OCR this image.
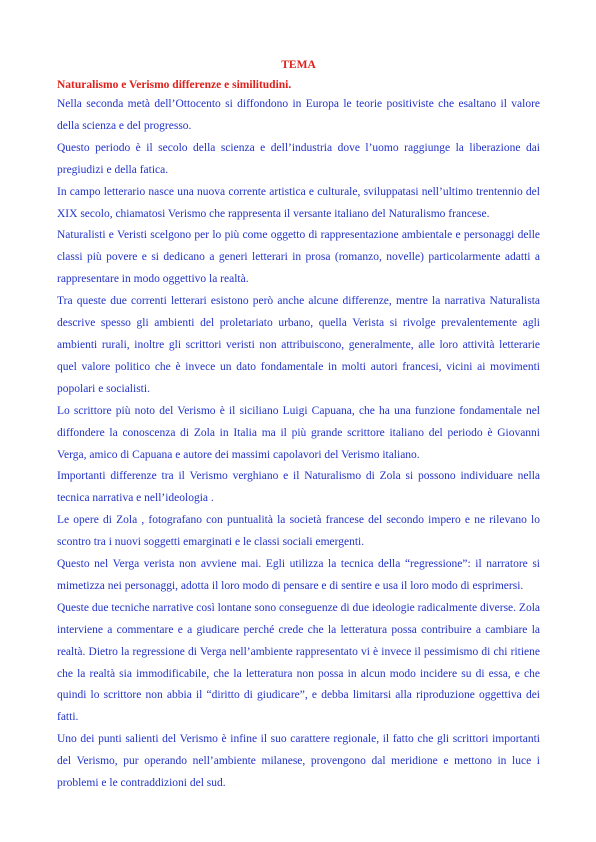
TEMA
Naturalismo e Verismo differenze e similitudini.

Nella seconda metà dell’Ottocento si diffondono in Europa le teorie positiviste che esaltano il valore della scienza e del progresso.

Questo periodo è il secolo della scienza e dell’industria dove l’uomo raggiunge la liberazione dai pregiudizi e della fatica.

In campo letterario nasce una nuova corrente artistica e culturale, sviluppatasi nell’ultimo trentennio del XIX secolo, chiamatosi Verismo che rappresenta il versante italiano del Naturalismo francese.

Naturalisti e Veristi scelgono per lo più come oggetto di rappresentazione ambientale e personaggi delle classi più povere e si dedicano a generi letterari in prosa (romanzo, novelle) particolarmente adatti a rappresentare in modo oggettivo la realtà.

Tra queste due correnti letterari esistono però anche alcune differenze, mentre la narrativa Naturalista descrive spesso gli ambienti del proletariato urbano, quella Verista si rivolge prevalentemente agli ambienti rurali, inoltre gli scrittori veristi non attribuiscono, generalmente, alle loro attività letterarie quel valore politico che è invece un dato fondamentale in molti autori francesi, vicini ai movimenti popolari e socialisti.

Lo scrittore più noto del Verismo è il siciliano Luigi Capuana, che ha una funzione fondamentale nel diffondere la conoscenza di Zola in Italia ma il più grande scrittore italiano del periodo è Giovanni Verga, amico di Capuana e autore dei massimi capolavori del Verismo italiano.

Importanti differenze tra il Verismo verghiano e il Naturalismo di Zola si possono individuare nella tecnica narrativa e nell’ideologia .

Le opere di Zola , fotografano con puntualità la società francese del secondo impero e ne rilevano lo scontro tra i nuovi soggetti emarginati e le classi sociali emergenti.

Questo nel Verga verista non avviene mai. Egli utilizza la tecnica della “regressione”: il narratore si mimetizza nei personaggi, adotta il loro modo di pensare e di sentire e usa il loro modo di esprimersi.

Queste due tecniche narrative così lontane sono conseguenze di due ideologie radicalmente diverse. Zola interviene a commentare e a giudicare perché crede che la letteratura possa contribuire a cambiare la realtà. Dietro la regressione di Verga nell’ambiente rappresentato vi è invece il pessimismo di chi ritiene che la realtà sia immodificabile, che la letteratura non possa in alcun modo incidere su di essa, e che quindi lo scrittore non abbia il “diritto di giudicare”, e debba limitarsi alla riproduzione oggettiva dei fatti.

Uno dei punti salienti del Verismo è infine il suo carattere regionale, il fatto che gli scrittori importanti del Verismo, pur operando nell’ambiente milanese, provengono dal meridione e mettono in luce i problemi e le contraddizioni del sud.
